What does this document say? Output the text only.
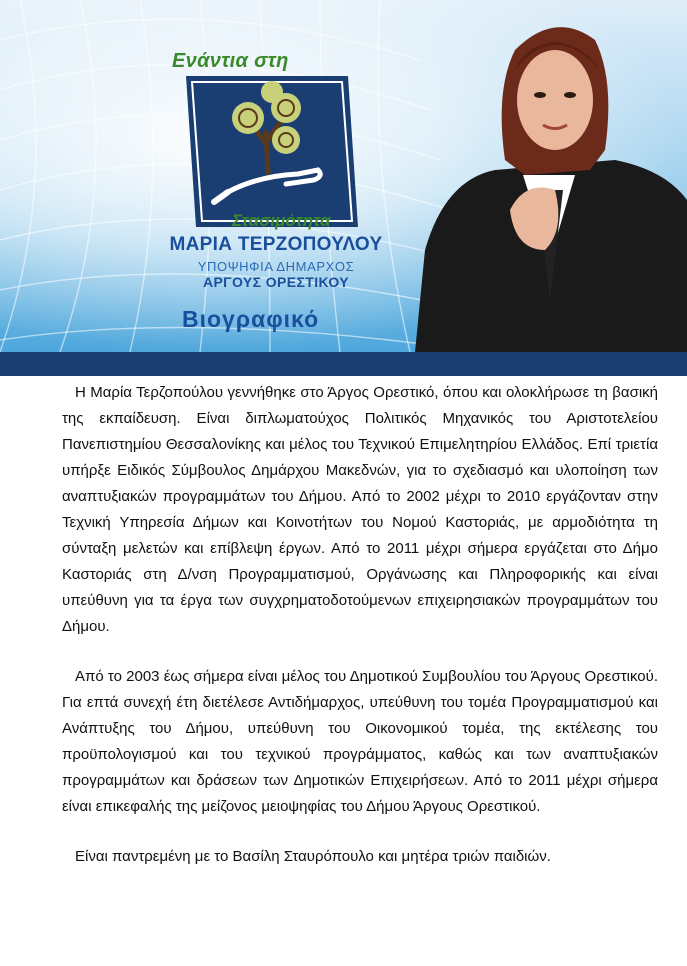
Ενάντια στη
Στασιμότητα
ΜΑΡΙΑ ΤΕΡΖΟΠΟΥΛΟΥ
ΥΠΟΨΗΦΙΑ ΔΗΜΑΡΧΟΣ
ΑΡΓΟΥΣ ΟΡΕΣΤΙΚΟΥ
Βιογραφικό

Η Μαρία Τερζοπούλου γεννήθηκε στο Άργος Ορεστικό, όπου και ολοκλήρωσε τη βασική της εκπαίδευση. Είναι διπλωματούχος Πολιτικός Μηχανικός του Αριστοτελείου Πανεπιστημίου Θεσσαλονίκης και μέλος του Τεχνικού Επιμελητηρίου Ελλάδος. Επί τριετία υπήρξε Ειδικός Σύμβουλος Δημάρχου Μακεδνών, για το σχεδιασμό και υλοποίηση των αναπτυξιακών προγραμμάτων του Δήμου. Από το 2002 μέχρι το 2010 εργάζονταν στην Τεχνική Υπηρεσία Δήμων και Κοινοτήτων του Νομού Καστοριάς, με αρμοδιότητα τη σύνταξη μελετών και επίβλεψη έργων. Από το 2011 μέχρι σήμερα εργάζεται στο Δήμο Καστοριάς στη Δ/νση Προγραμματισμού, Οργάνωσης και Πληροφορικής και είναι υπεύθυνη για τα έργα των συγχρηματοδοτούμενων επιχειρησιακών προγραμμάτων του Δήμου.

Από το 2003 έως σήμερα είναι μέλος του Δημοτικού Συμβουλίου του Άργους Ορεστικού. Για επτά συνεχή έτη διετέλεσε Αντιδήμαρχος, υπεύθυνη του τομέα Προγραμματισμού και Ανάπτυξης του Δήμου, υπεύθυνη του Οικονομικού τομέα, της εκτέλεσης του προϋπολογισμού και του τεχνικού προγράμματος, καθώς και των αναπτυξιακών προγραμμάτων και δράσεων των Δημοτικών Επιχειρήσεων. Από το 2011 μέχρι σήμερα είναι επικεφαλής της μείζονος μειοψηφίας του Δήμου Άργους Ορεστικού.

Είναι παντρεμένη με το Βασίλη Σταυρόπουλο και μητέρα τριών παιδιών.
